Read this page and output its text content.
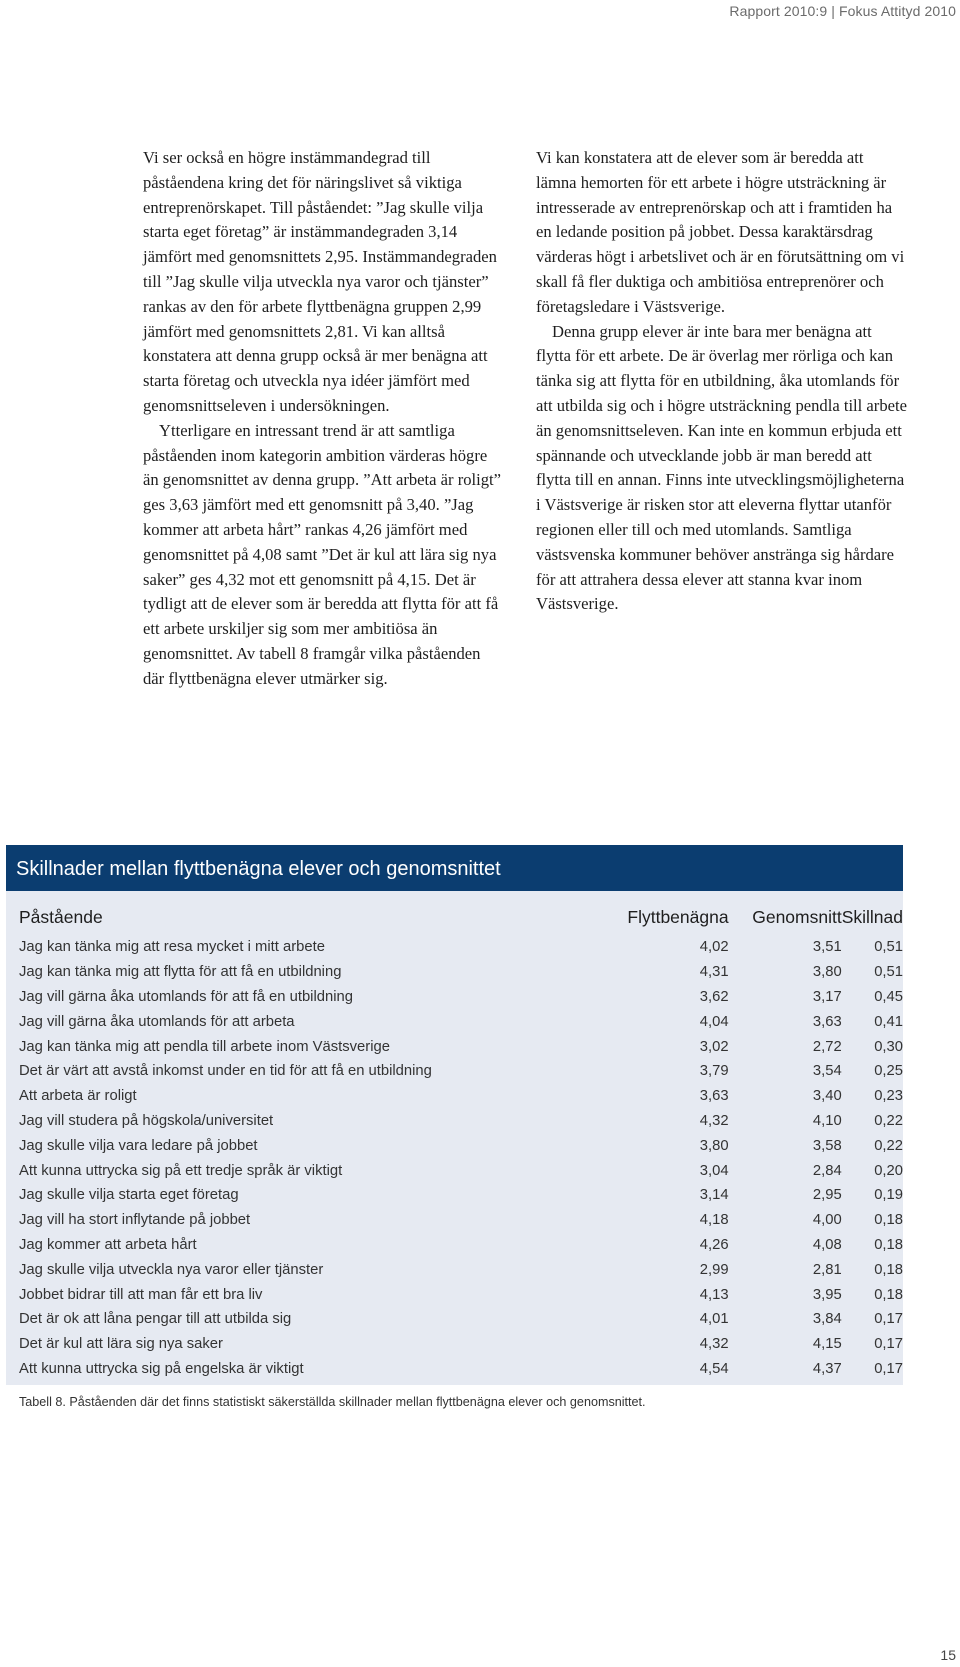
Rapport 2010:9 | Fokus Attityd 2010

Vi ser också en högre instämmandegrad till påståendena kring det för näringslivet så viktiga entreprenörskapet. Till påståendet: ”Jag skulle vilja starta eget företag” är instämmandegraden 3,14 jämfört med genomsnittets 2,95. Instämmandegraden till ”Jag skulle vilja utveckla nya varor och tjänster” rankas av den för arbete flyttbenägna gruppen 2,99 jämfört med genomsnittets 2,81. Vi kan alltså konstatera att denna grupp också är mer benägna att starta företag och utveckla nya idéer jämfört med genomsnittseleven i undersökningen.

Ytterligare en intressant trend är att samtliga påståenden inom kategorin ambition värderas högre än genomsnittet av denna grupp. ”Att arbeta är roligt” ges 3,63 jämfört med ett genomsnitt på 3,40. ”Jag kommer att arbeta hårt” rankas 4,26 jämfört med genomsnittet på 4,08 samt ”Det är kul att lära sig nya saker” ges 4,32 mot ett genomsnitt på 4,15. Det är tydligt att de elever som är beredda att flytta för att få ett arbete urskiljer sig som mer ambitiösa än genomsnittet. Av tabell 8 framgår vilka påståenden där flyttbenägna elever utmärker sig.

Vi kan konstatera att de elever som är beredda att lämna hemorten för ett arbete i högre utsträckning är intresserade av entreprenörskap och att i framtiden ha en ledande position på jobbet. Dessa karaktärsdrag värderas högt i arbetslivet och är en förutsättning om vi skall få fler duktiga och ambitiösa entreprenörer och företagsledare i Västsverige.

Denna grupp elever är inte bara mer benägna att flytta för ett arbete. De är överlag mer rörliga och kan tänka sig att flytta för en utbildning, åka utomlands för att utbilda sig och i högre utsträckning pendla till arbete än genomsnittseleven. Kan inte en kommun erbjuda ett spännande och utvecklande jobb är man beredd att flytta till en annan. Finns inte utvecklingsmöjligheterna i Västsverige är risken stor att eleverna flyttar utanför regionen eller till och med utomlands. Samtliga västsvenska kommuner behöver anstränga sig hårdare för att attrahera dessa elever att stanna kvar inom Västsverige.

Skillnader mellan flyttbenägna elever och genomsnittet
Påstående	Flyttbenägna	Genomsnitt	Skillnad
Jag kan tänka mig att resa mycket i mitt arbete	4,02	3,51	0,51
Jag kan tänka mig att flytta för att få en utbildning	4,31	3,80	0,51
Jag vill gärna åka utomlands för att få en utbildning	3,62	3,17	0,45
Jag vill gärna åka utomlands för att arbeta	4,04	3,63	0,41
Jag kan tänka mig att pendla till arbete inom Västsverige	3,02	2,72	0,30
Det är värt att avstå inkomst under en tid för att få en utbildning	3,79	3,54	0,25
Att arbeta är roligt	3,63	3,40	0,23
Jag vill studera på högskola/universitet	4,32	4,10	0,22
Jag skulle vilja vara ledare på jobbet	3,80	3,58	0,22
Att kunna uttrycka sig på ett tredje språk är viktigt	3,04	2,84	0,20
Jag skulle vilja starta eget företag	3,14	2,95	0,19
Jag vill ha stort inflytande på jobbet	4,18	4,00	0,18
Jag kommer att arbeta hårt	4,26	4,08	0,18
Jag skulle vilja utveckla nya varor eller tjänster	2,99	2,81	0,18
Jobbet bidrar till att man får ett bra liv	4,13	3,95	0,18
Det är ok att låna pengar till att utbilda sig	4,01	3,84	0,17
Det är kul att lära sig nya saker	4,32	4,15	0,17
Att kunna uttrycka sig på engelska är viktigt	4,54	4,37	0,17
Tabell 8. Påståenden där det finns statistiskt säkerställda skillnader mellan flyttbenägna elever och genomsnittet.
15
